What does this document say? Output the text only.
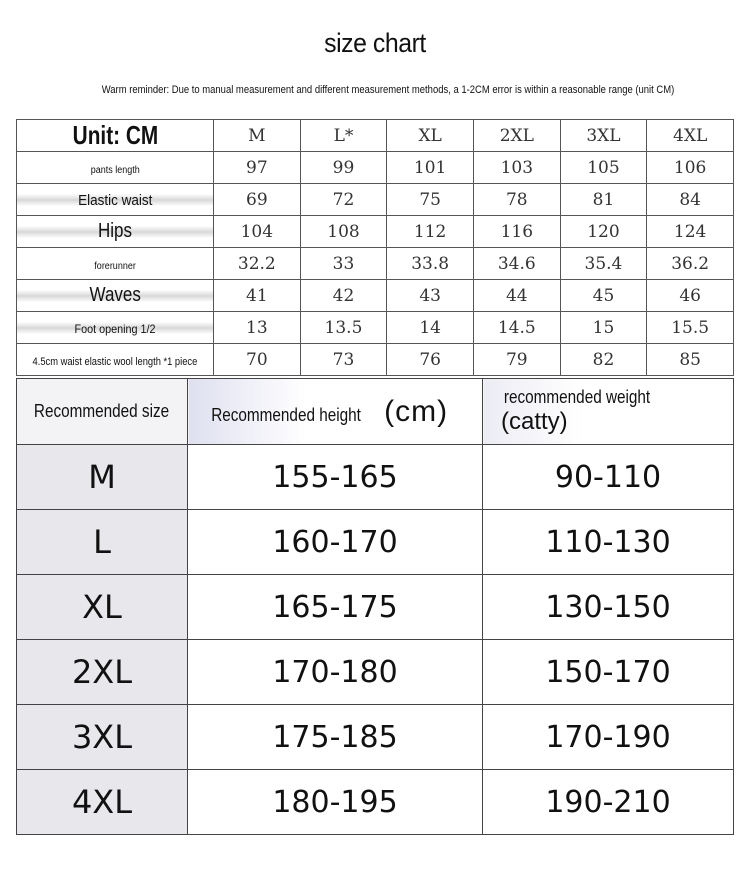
size chart
Warm reminder: Due to manual measurement and different measurement methods, a 1-2CM error is within a reasonable range (unit CM)
Unit: CM	M	L*	XL	2XL	3XL	4XL
pants length	97	99	101	103	105	106
Elastic waist	69	72	75	78	81	84
Hips	104	108	112	116	120	124
forerunner	32.2	33	33.8	34.6	35.4	36.2
Waves	41	42	43	44	45	46
Foot opening 1/2	13	13.5	14	14.5	15	15.5
4.5cm waist elastic wool length *1 piece	70	73	76	79	82	85
Recommended size	Recommended height (cm)	recommended weight(catty)
M	155-165	90-110
L	160-170	110-130
XL	165-175	130-150
2XL	170-180	150-170
3XL	175-185	170-190
4XL	180-195	190-210
